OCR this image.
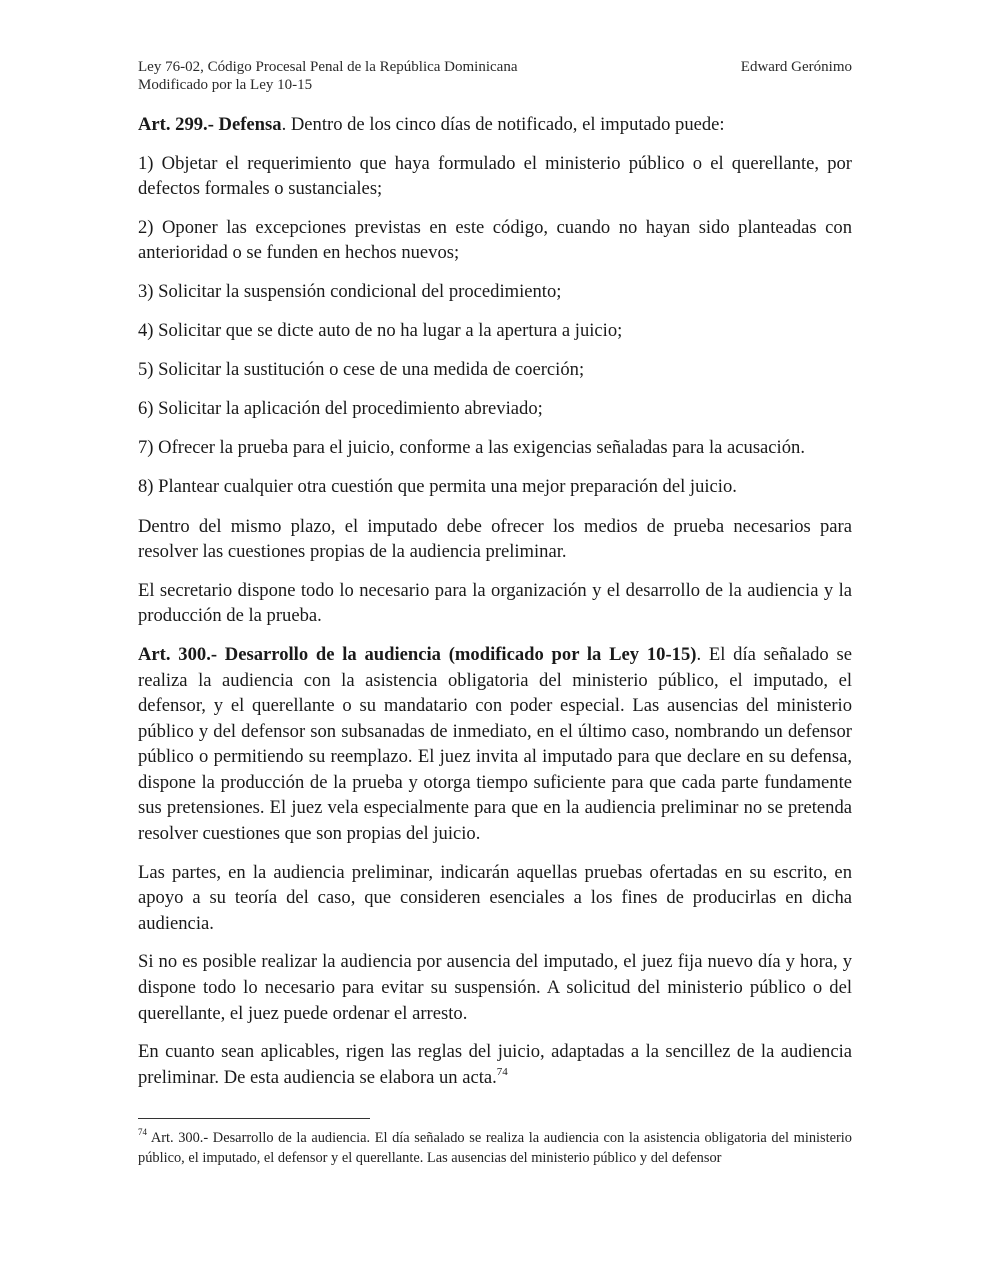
Ley 76-02, Código Procesal Penal de la República Dominicana	Edward Gerónimo
Modificado por la Ley 10-15

Art. 299.- Defensa. Dentro de los cinco días de notificado, el imputado puede:

1) Objetar el requerimiento que haya formulado el ministerio público o el querellante, por defectos formales o sustanciales;

2) Oponer las excepciones previstas en este código, cuando no hayan sido planteadas con anterioridad o se funden en hechos nuevos;

3) Solicitar la suspensión condicional del procedimiento;

4) Solicitar que se dicte auto de no ha lugar a la apertura a juicio;

5) Solicitar la sustitución o cese de una medida de coerción;

6) Solicitar la aplicación del procedimiento abreviado;

7) Ofrecer la prueba para el juicio, conforme a las exigencias señaladas para la acusación.

8) Plantear cualquier otra cuestión que permita una mejor preparación del juicio.

Dentro del mismo plazo, el imputado debe ofrecer los medios de prueba necesarios para resolver las cuestiones propias de la audiencia preliminar.

El secretario dispone todo lo necesario para la organización y el desarrollo de la audiencia y la producción de la prueba.

Art. 300.- Desarrollo de la audiencia (modificado por la Ley 10-15). El día señalado se realiza la audiencia con la asistencia obligatoria del ministerio público, el imputado, el defensor, y el querellante o su mandatario con poder especial. Las ausencias del ministerio público y del defensor son subsanadas de inmediato, en el último caso, nombrando un defensor público o permitiendo su reemplazo. El juez invita al imputado para que declare en su defensa, dispone la producción de la prueba y otorga tiempo suficiente para que cada parte fundamente sus pretensiones. El juez vela especialmente para que en la audiencia preliminar no se pretenda resolver cuestiones que son propias del juicio.

Las partes, en la audiencia preliminar, indicarán aquellas pruebas ofertadas en su escrito, en apoyo a su teoría del caso, que consideren esenciales a los fines de producirlas en dicha audiencia.

Si no es posible realizar la audiencia por ausencia del imputado, el juez fija nuevo día y hora, y dispone todo lo necesario para evitar su suspensión. A solicitud del ministerio público o del querellante, el juez puede ordenar el arresto.

En cuanto sean aplicables, rigen las reglas del juicio, adaptadas a la sencillez de la audiencia preliminar. De esta audiencia se elabora un acta.$^{74}$

$^{74}$ Art. 300.- Desarrollo de la audiencia. El día señalado se realiza la audiencia con la asistencia obligatoria del ministerio público, el imputado, el defensor y el querellante. Las ausencias del ministerio público y del defensor
